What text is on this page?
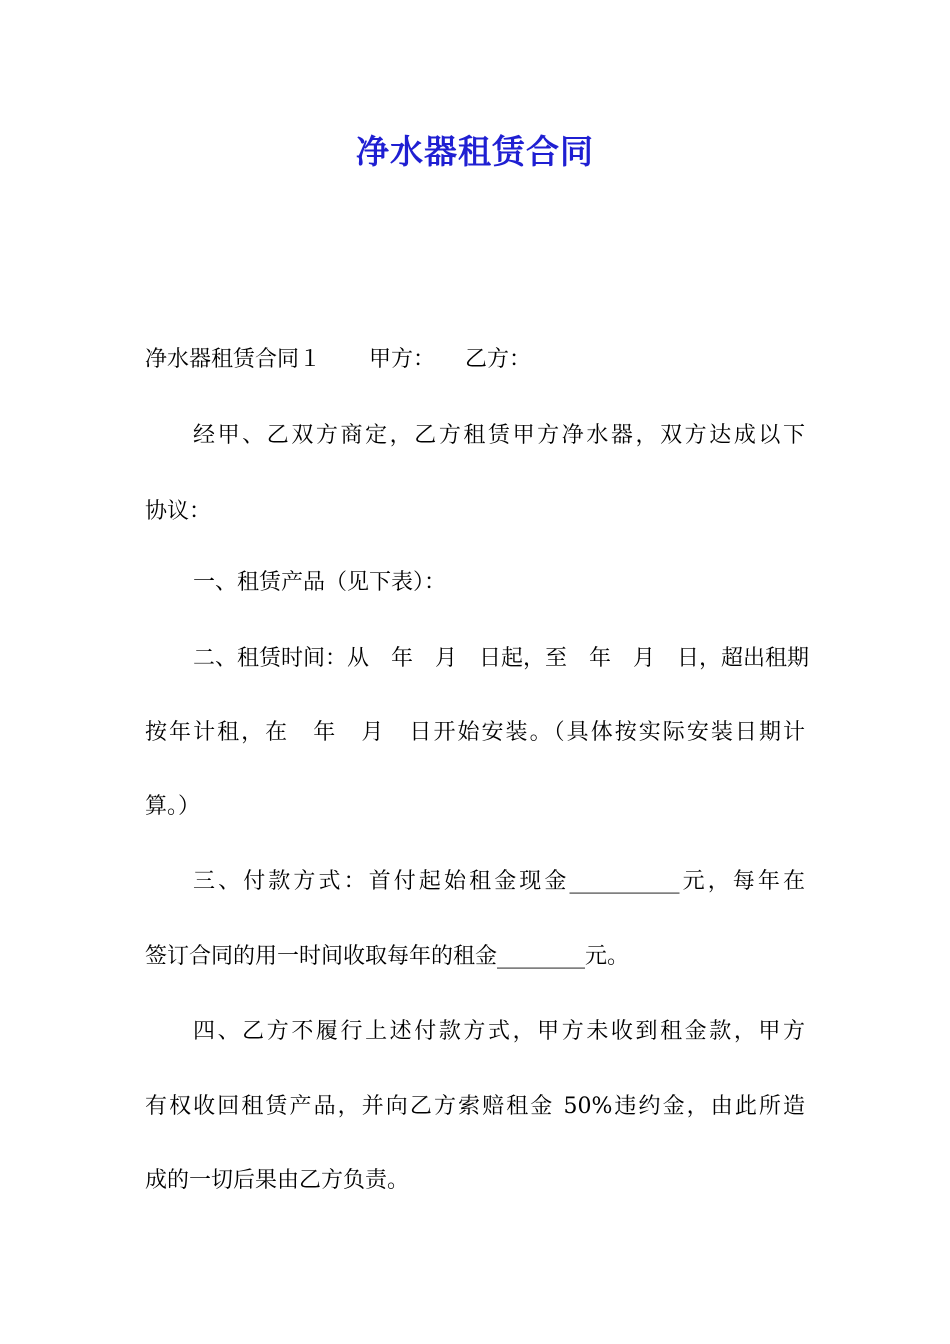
净水器租赁合同
净水器租赁合同１ 甲方： 乙方：
经甲、乙双方商定，乙方租赁甲方净水器，双方达成以下
协议：
一、租赁产品（见下表）：
二、租赁时间：从　年　月　日起，至　年　月　日，超出租期
按年计租，在　年　月　日开始安装。（具体按实际安装日期计
算。）
三、付款方式：首付起始租金现金__________元，每年在
签订合同的用一时间收取每年的租金________元。
四、乙方不履行上述付款方式，甲方未收到租金款，甲方
有权收回租赁产品，并向乙方索赔租金 50%违约金，由此所造
成的一切后果由乙方负责。
